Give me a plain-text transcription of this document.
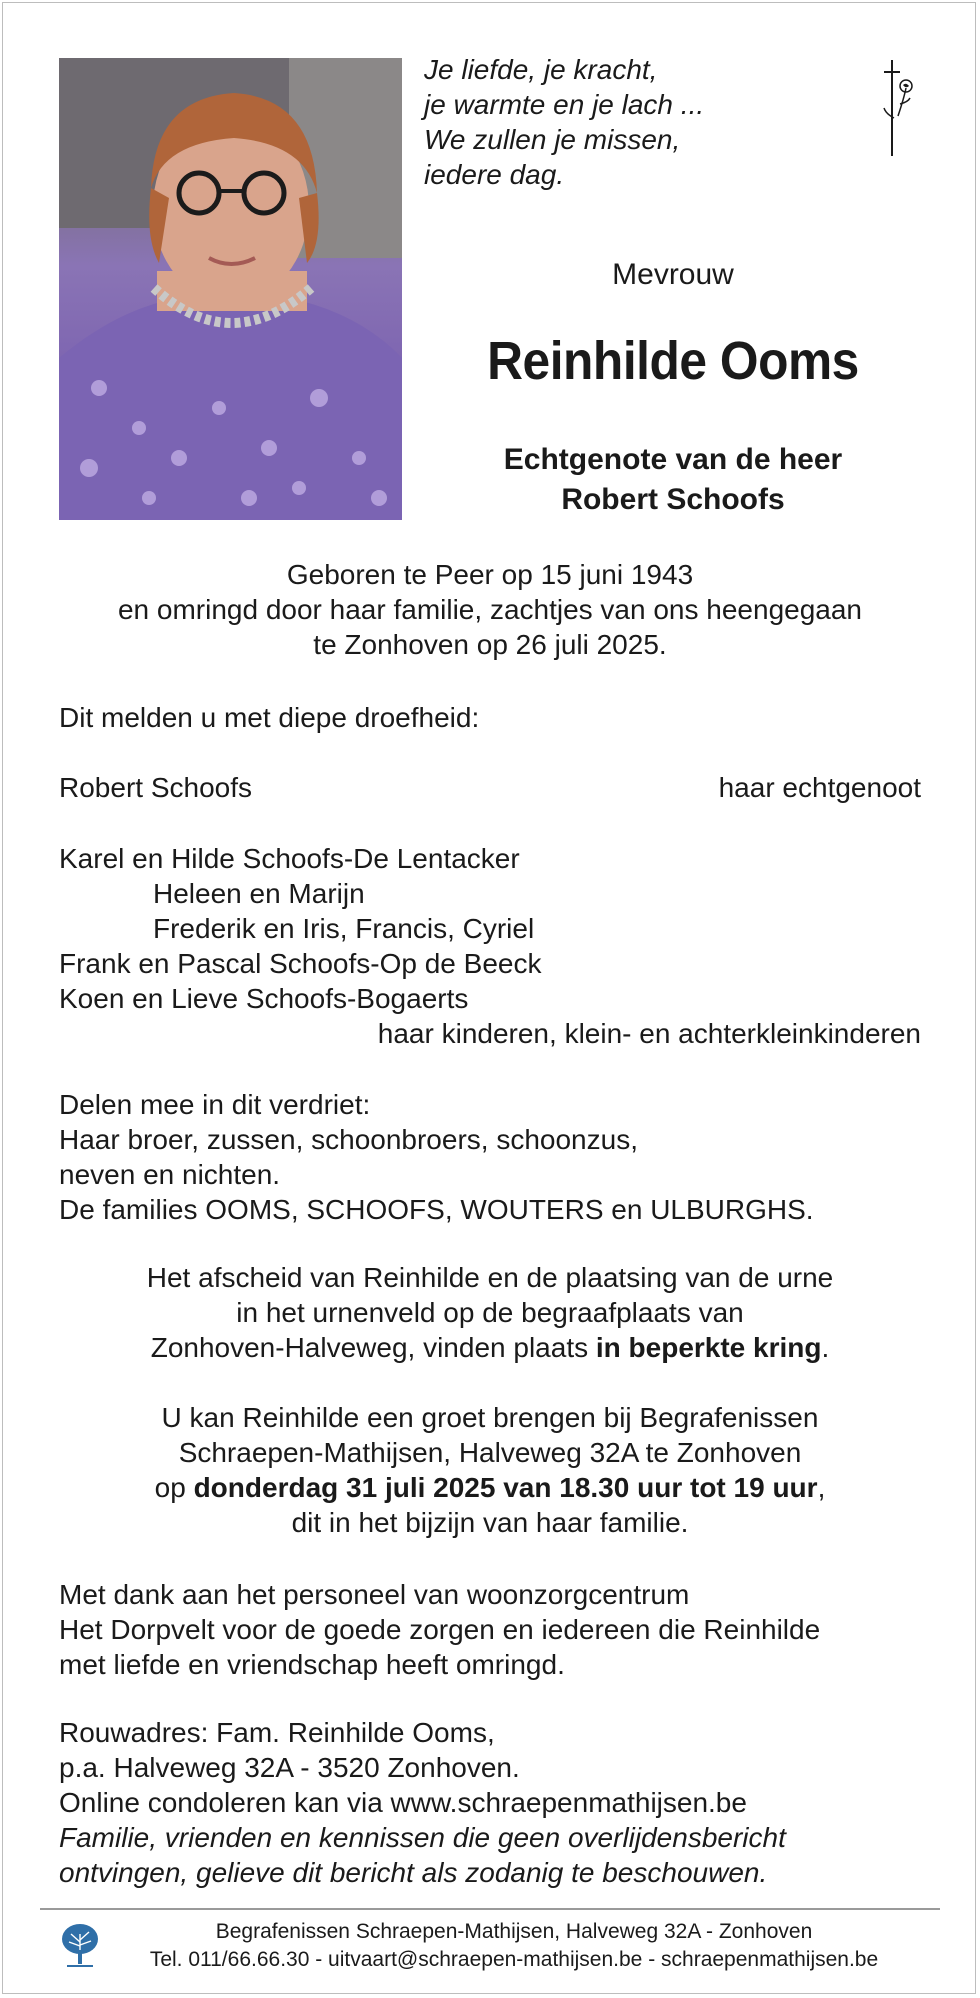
Je liefde, je kracht,
je warmte en je lach ...
We zullen je missen,
iedere dag.
Mevrouw
Reinhilde Ooms
Echtgenote van de heer
Robert Schoofs
Geboren te Peer op 15 juni 1943
en omringd door haar familie, zachtjes van ons heengegaan
te Zonhoven op 26 juli 2025.
Dit melden u met diepe droefheid:
Robert Schoofs	haar echtgenoot
Karel en Hilde Schoofs-De Lentacker
Heleen en Marijn
Frederik en Iris, Francis, Cyriel
Frank en Pascal Schoofs-Op de Beeck
Koen en Lieve Schoofs-Bogaerts
haar kinderen, klein- en achterkleinkinderen
Delen mee in dit verdriet:
Haar broer, zussen, schoonbroers, schoonzus,
neven en nichten.
De families OOMS, SCHOOFS, WOUTERS en ULBURGHS.
Het afscheid van Reinhilde en de plaatsing van de urne
in het urnenveld op de begraafplaats van
Zonhoven-Halveweg, vinden plaats in beperkte kring.
U kan Reinhilde een groet brengen bij Begrafenissen
Schraepen-Mathijsen, Halveweg 32A te Zonhoven
op donderdag 31 juli 2025 van 18.30 uur tot 19 uur,
dit in het bijzijn van haar familie.
Met dank aan het personeel van woonzorgcentrum
Het Dorpvelt voor de goede zorgen en iedereen die Reinhilde
met liefde en vriendschap heeft omringd.
Rouwadres: Fam. Reinhilde Ooms,
p.a. Halveweg 32A - 3520 Zonhoven.
Online condoleren kan via www.schraepenmathijsen.be
Familie, vrienden en kennissen die geen overlijdensbericht
ontvingen, gelieve dit bericht als zodanig te beschouwen.
Begrafenissen Schraepen-Mathijsen, Halveweg 32A - Zonhoven
Tel. 011/66.66.30 - uitvaart@schraepen-mathijsen.be - schraepenmathijsen.be
